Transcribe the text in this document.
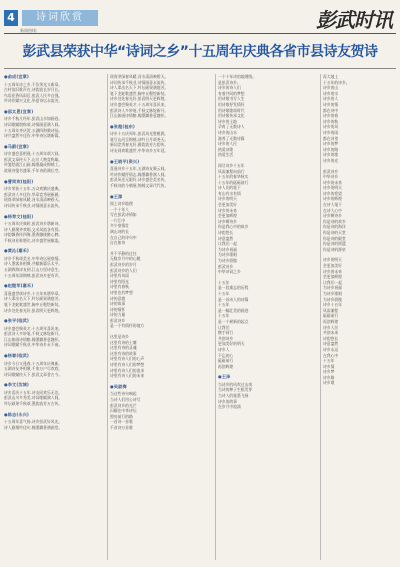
4	诗词欣赏
新闻热线:	彭武时讯
彭武县荣获中华“诗词之乡”十五周年庆典各省市县诗友贺诗
●俞成(宜章)
十五周年诗之乡,不负荣光又新章。
古村依旧歌声在,诗韵流长岁月长。
鸟语花香风雨后,彭武人民多自强。
吟诗作赋兴文化,华夏诗坛永流芳。
●邵太恩(宜章)
诗乡千秋几经年,彭武山水如画卷。
诗词歌赋堪称颂,诗情画意满人间。
十五周年齐庆贺,五湖四海聚诗仙。
诗兴盎然多佳作,中华诗坛谱新篇。
●马蔚(宜章)
诗乡盛会喜相逢,十五周年颂大同。
彭武文章传天下,山川人物竞称雄。
吟笺绘就江山画,翰墨凝成锦绣工。
欲展诗笺书盛事,千年诗韵满长空。
●曹同欢(桂阳)
诗乡荣获十五年,万众欢腾庆盛典。
彭武诗人多佳作,华章竞秀展新颜。
瑶岗翠绿春风暖,河水清清映碧天。
诗词传承千秋业,诗情画意永流传。
●杨寿文(桂阳)
十五周年庆典时,彭武诗乡谱新诗。
诗人雅聚齐欢唱,文采风流各有辞。
诗韵飘香传四海,墨香缭绕醉心脾。
千秋诗业谁堪比,诗乡盛世展雄姿。
●黄沁(嘉禾)
诗乡千秋颂美名,中华诗坛展豪情。
诗人墨客来相聚,共赋新篇乐太平。
五湖四海诗友到,江山万里诗意生。
十五周年添锦绣,彭武诗乡更有声。
●赵继军(嘉禾)
喜逢盛世颂诗乡,十五年来谱华章。
诗人辈出名天下,吟坛硕果满庭芳。
笔下龙蛇歌盛世,胸中丘壑绘新装。
诗乡处处春光好,彭武明天更辉煌。
●张平(临武)
诗乡盛会聚英才,十五周年喜讯来。
彭武诗人多妙笔,千秋文脉绽新开。
江山如画诗情醉,翰墨飘香意趣怀。
诗词歌赋千秋业,中华诗乡永不衰。
●杨春(临武)
诗乡今日又逢春,十五周年庆典新。
五湖诗友齐相聚,千家万户尽欢欣。
诗词歌赋传天下,彭武文章誉古今。
●李文(汝城)
诗乡喜庆十五年,诗友同欢乐无边。
彭武山川多秀美,诗词歌赋满人间。
吟坛硕果千秋颂,墨韵流芳万古传。
●陈志(永兴)
十五周年喜气扬,诗乡彭武好风光。
诗人雅聚吟佳句,翰墨飘香满画堂。
瑶岗翠绿春风暖,河水清清映碧天。
诗词传承千秋业,诗情画意永流传。
诗人辈出名天下,吟坛硕果满庭芳。
笔下龙蛇歌盛世,胸中丘壑绘新装。
诗乡处处春光好,彭武明天更辉煌。
诗乡盛会聚英才,十五周年喜讯来。
彭武诗人多妙笔,千秋文脉绽新开。
江山如画诗情醉,翰墨飘香意趣怀。
●张超(桂东)
诗乡十五庆周年,彭武风光胜桃源。
笔写山河呈锦绣,诗吟日月颂尧天。
新词竞秀春光好,雅韵流芳古韵传。
诗友同欢歌盛世,中华诗乡万年延。
●王晓平(资兴)
喜逢诗乡十五年,五湖诗友聚云间。
吟诗作赋抒情志,翰墨飘香满人间。
彭武风光无限好,诗乡盛会美名传。
千秋诗韵今朝展,锦绣文章代代传。
●王源
阅上诗乡地理
一个十年人
写在彭武诗情如
一片江中
多少豪情壮
满山诗的长
在自己的诗句中
自在如诗
并不平静的过往
无数岁月中的心跳
彭武诗乡的岁月
彭武诗乡的人们
诗里有风雨
诗里有阳光
诗里有春秋
诗里也有梦想
诗的意境
诗的故事
诗的情怀
诗的力量
彭武诗乡
是一个有情怀的地方
这里是诗乡
这里有诗的土壤
这里有诗的灵魂
这里有诗的故事
诗里有诗人们的心声
诗里有诗人们的梦想
诗里有诗人们的追求
诗里有诗人们的未来
●吴淑梅
当这些诗句响起
当诗人们用心诗写
彭武诗乡的光芒
闪耀在中华诗坛
照亮前行的路
一首诗一首歌
千首诗万首歌
一个十年诗的地理线。
是彭武诗乡。
诗乡的诗人们
有着共同的梦想
用诗歌书写人生
用诗歌抒发情怀
用诗歌歌颂时代
用诗歌传承文化
诗乡的土地
孕育了无数诗人
诗乡的山水
滋养了无数诗篇
诗乡的人民
热爱诗歌
热爱生活
阅尽诗乡十五年
风雨兼程向前行
十五年的春华秋实
十五年的砥砺前行
诗人们的笔下
有山有水有情
诗乡的明天
会更加美好
诗乡的未来
会更加辉煌
诗乡啊诗乡
你是我心中的故乡
诗韵悠长
诗意盎然
让我们一起
为诗乡祝福
为诗乡歌唱
为诗乡骄傲
彭武诗乡
中华诗词之乡
十五年
是一段难忘的历程
十五年
是一首动人的诗篇
十五年
是一幅壮美的画卷
十五年
是一个崭新的起点
让我们
携手同行
共创诗乡
更加美好的明天
诗乡人
不忘初心
砥砺前行
再创辉煌
●王泽
当诗乡的风吹过山岗
当诗的种子生根发芽
当诗人的笔墨飞扬
诗乡的故事
在岁月中流淌
再大地上
十五年的诗乡。
诗乡的山
诗乡的水
诗乡的人
诗乡的情
都在诗中
诗乡的春
诗乡的秋
诗乡的风
诗乡的雨
都在诗里
诗乡的梦
诗乡的路
诗乡的歌
诗乡的光
彭武诗乡
中华诗乡
诗乡的未来
诗乡的明天
诗乡的希望
诗乡的辉煌
在诗人笔下
在诗人心中
诗乡啊诗乡
你是诗的故乡
你是诗的海洋
你是诗的天堂
你是诗的殿堂
你是诗的摇篮
你是诗的源泉
诗乡的明天
会更加美好
诗乡的未来
会更加辉煌
让我们一起
为诗乡祝福
为诗乡歌唱
为诗乡骄傲
诗乡十五年
风雨兼程
砥砺前行
再创辉煌
诗乡人民
共创未来
诗韵悠长
诗意盎然
诗乡永远
在我心中
十五年
诗乡情
诗乡梦
诗乡路
诗乡歌
